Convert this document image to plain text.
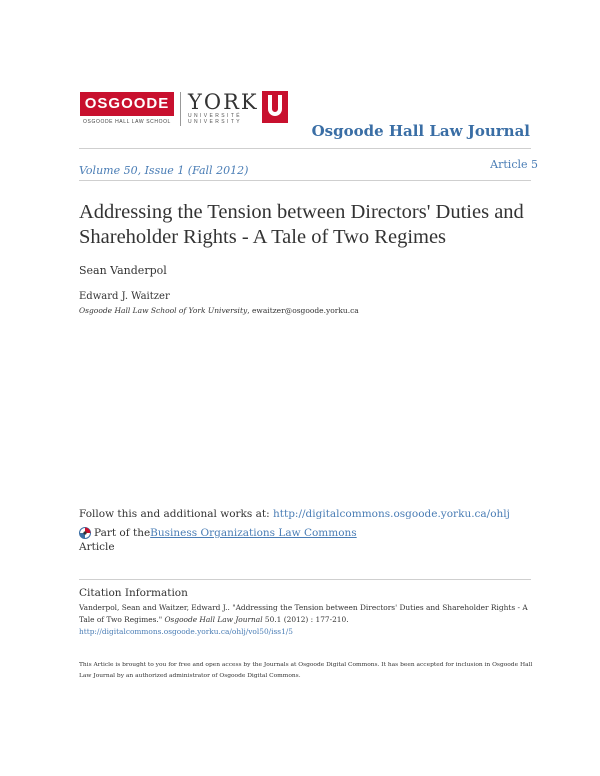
OSGOODE
OSGOODE HALL LAW SCHOOL
YORK
UNIVERSITÉ UNIVERSITY	Osgoode Hall Law Journal
Volume 50, Issue 1 (Fall 2012)	Article 5
Addressing the Tension between Directors' Duties and Shareholder Rights - A Tale of Two Regimes
Sean Vanderpol
Edward J. Waitzer
Osgoode Hall Law School of York University, ewaitzer@osgoode.yorku.ca
Follow this and additional works at: http://digitalcommons.osgoode.yorku.ca/ohlj
Part of the Business Organizations Law Commons
Article
Citation Information
Vanderpol, Sean and Waitzer, Edward J.. "Addressing the Tension between Directors' Duties and Shareholder Rights - A Tale of Two Regimes." Osgoode Hall Law Journal 50.1 (2012) : 177-210.
http://digitalcommons.osgoode.yorku.ca/ohlj/vol50/iss1/5
This Article is brought to you for free and open access by the Journals at Osgoode Digital Commons. It has been accepted for inclusion in Osgoode Hall Law Journal by an authorized administrator of Osgoode Digital Commons.
